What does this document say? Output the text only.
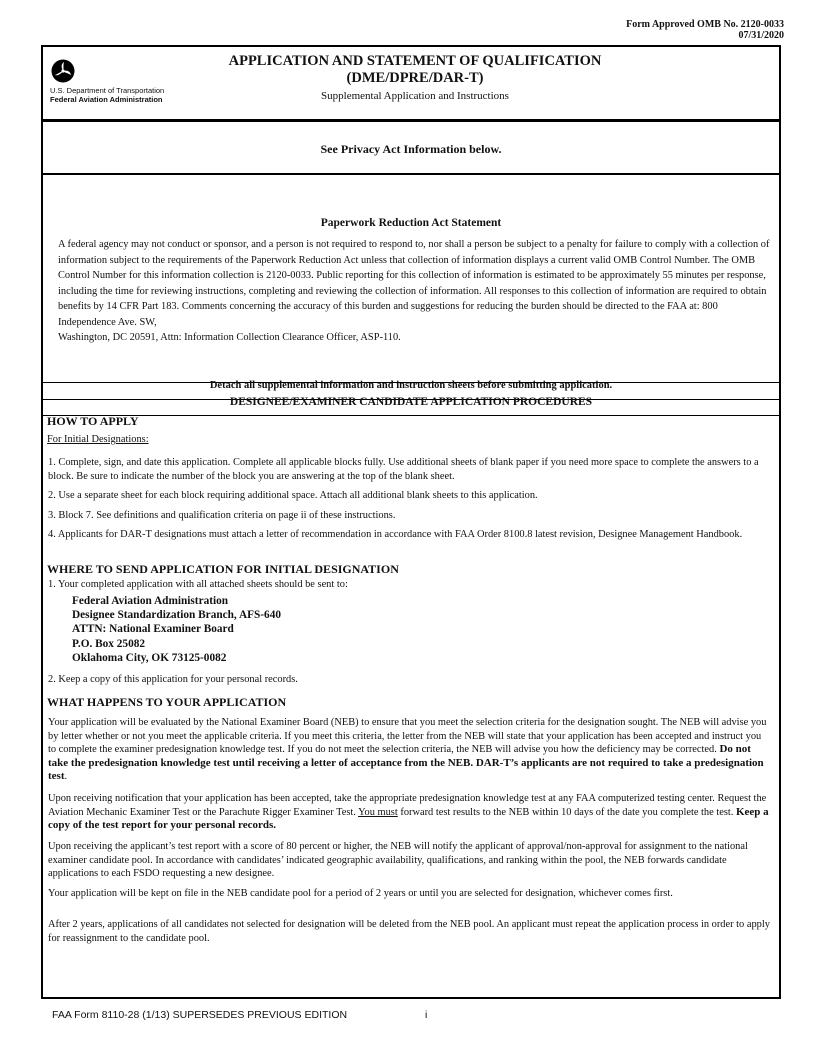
Form Approved OMB No. 2120-0033
07/31/2020
U.S. Department of Transportation
Federal Aviation Administration
APPLICATION AND STATEMENT OF QUALIFICATION
(DME/DPRE/DAR-T)
Supplemental Application and Instructions
See Privacy Act Information below.
Paperwork Reduction Act Statement
A federal agency may not conduct or sponsor, and a person is not required to respond to, nor shall a person be subject to a penalty for failure to comply with a collection of information subject to the requirements of the Paperwork Reduction Act unless that collection of information displays a current valid OMB Control Number. The OMB Control Number for this information collection is 2120-0033. Public reporting for this collection of information is estimated to be approximately 55 minutes per response, including the time for reviewing instructions, completing and reviewing the collection of information. All responses to this collection of information are required to obtain benefits by 14 CFR Part 183. Comments concerning the accuracy of this burden and suggestions for reducing the burden should be directed to the FAA at: 800 Independence Ave. SW,
Washington, DC 20591, Attn: Information Collection Clearance Officer, ASP-110.
Detach all supplemental information and instruction sheets before submitting application.
DESIGNEE/EXAMINER CANDIDATE APPLICATION PROCEDURES
HOW TO APPLY
For Initial Designations:
1. Complete, sign, and date this application. Complete all applicable blocks fully. Use additional sheets of blank paper if you need more space to complete the answers to a block. Be sure to indicate the number of the block you are answering at the top of the blank sheet.
2. Use a separate sheet for each block requiring additional space. Attach all additional blank sheets to this application.
3. Block 7. See definitions and qualification criteria on page ii of these instructions.
4. Applicants for DAR-T designations must attach a letter of recommendation in accordance with FAA Order 8100.8 latest revision, Designee Management Handbook.
WHERE TO SEND APPLICATION FOR INITIAL DESIGNATION
1. Your completed application with all attached sheets should be sent to:
Federal Aviation Administration
Designee Standardization Branch, AFS-640
ATTN: National Examiner Board
P.O. Box 25082
Oklahoma City, OK 73125-0082
2. Keep a copy of this application for your personal records.
WHAT HAPPENS TO YOUR APPLICATION
Your application will be evaluated by the National Examiner Board (NEB) to ensure that you meet the selection criteria for the designation sought. The NEB will advise you by letter whether or not you meet the applicable criteria. If you meet this criteria, the letter from the NEB will state that your application has been accepted and instruct you to complete the examiner predesignation knowledge test. If you do not meet the selection criteria, the NEB will advise you how the deficiency may be corrected. Do not take the predesignation knowledge test until receiving a letter of acceptance from the NEB. DAR-T’s applicants are not required to take a predesignation test.
Upon receiving notification that your application has been accepted, take the appropriate predesignation knowledge test at any FAA computerized testing center. Request the Aviation Mechanic Examiner Test or the Parachute Rigger Examiner Test. You must forward test results to the NEB within 10 days of the date you complete the test. Keep a copy of the test report for your personal records.
Upon receiving the applicant’s test report with a score of 80 percent or higher, the NEB will notify the applicant of approval/non-approval for assignment to the national examiner candidate pool. In accordance with candidates’ indicated geographic availability, qualifications, and ranking within the pool, the NEB forwards candidate applications to each FSDO requesting a new designee.
Your application will be kept on file in the NEB candidate pool for a period of 2 years or until you are selected for designation, whichever comes first.
After 2 years, applications of all candidates not selected for designation will be deleted from the NEB pool. An applicant must repeat the application process in order to apply for reassignment to the candidate pool.
FAA Form 8110-28 (1/13) SUPERSEDES PREVIOUS EDITION	i
